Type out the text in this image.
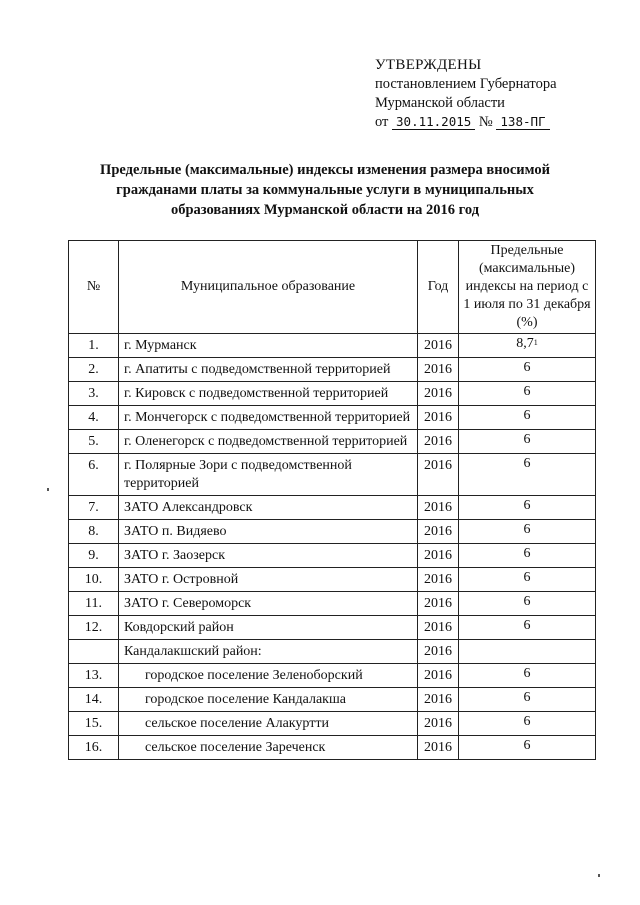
УТВЕРЖДЕНЫ
постановлением Губернатора
Мурманской области
от 30.11.2015 № 138-ПГ
Предельные (максимальные) индексы изменения размера вносимой
гражданами платы за коммунальные услуги в муниципальных
образованиях Мурманской области на 2016 год
№	Муниципальное образование	Год	Предельные (максимальные) индексы на период с 1 июля по 31 декабря (%)
1.	г. Мурманск	2016	$8,7^1$
2.	г. Апатиты с подведомственной территорией	2016	6
3.	г. Кировск с подведомственной территорией	2016	6
4.	г. Мончегорск с подведомственной территорией	2016	6
5.	г. Оленегорск с подведомственной территорией	2016	6
6.	г. Полярные Зори с подведомственной территорией	2016	6
7.	ЗАТО Александровск	2016	6
8.	ЗАТО п. Видяево	2016	6
9.	ЗАТО г. Заозерск	2016	6
10.	ЗАТО г. Островной	2016	6
11.	ЗАТО г. Североморск	2016	6
12.	Ковдорский район	2016	6
	Кандалакшский район:	2016	
13.	городское поселение Зеленоборский	2016	6
14.	городское поселение Кандалакша	2016	6
15.	сельское поселение Алакуртти	2016	6
16.	сельское поселение Зареченск	2016	6
